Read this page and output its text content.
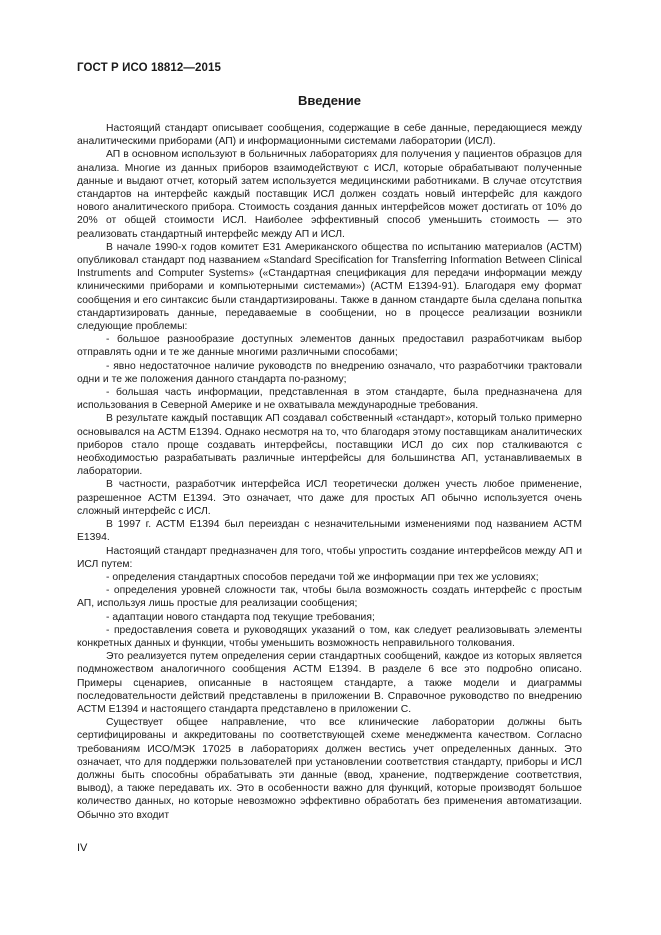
ГОСТ Р ИСО 18812—2015
Введение

Настоящий стандарт описывает сообщения, содержащие в себе данные, передающиеся между аналитическими приборами (АП) и информационными системами лаборатории (ИСЛ).

АП в основном используют в больничных лабораториях для получения у пациентов образцов для анализа. Многие из данных приборов взаимодействуют с ИСЛ, которые обрабатывают полученные данные и выдают отчет, который затем используется медицинскими работниками. В случае отсутствия стандартов на интерфейс каждый поставщик ИСЛ должен создать новый интерфейс для каждого нового аналитического прибора. Стоимость создания данных интерфейсов может достигать от 10% до 20% от общей стоимости ИСЛ. Наиболее эффективный способ уменьшить стоимость — это реализовать стандартный интерфейс между АП и ИСЛ.

В начале 1990-х годов комитет Е31 Американского общества по испытанию материалов (АСТМ) опубликовал стандарт под названием «Standard Specification for Transferring Information Between Clinical Instruments and Computer Systems» («Стандартная спецификация для передачи информации между клиническими приборами и компьютерными системами») (АСТМ Е1394-91). Благодаря ему формат сообщения и его синтаксис были стандартизированы. Также в данном стандарте была сделана попытка стандартизировать данные, передаваемые в сообщении, но в процессе реализации возникли следующие проблемы:

- большое разнообразие доступных элементов данных предоставил разработчикам выбор отправлять одни и те же данные многими различными способами;

- явно недостаточное наличие руководств по внедрению означало, что разработчики трактовали одни и те же положения данного стандарта по-разному;

- большая часть информации, представленная в этом стандарте, была предназначена для использования в Северной Америке и не охватывала международные требования.

В результате каждый поставщик АП создавал собственный «стандарт», который только примерно основывался на АСТМ Е1394. Однако несмотря на то, что благодаря этому поставщикам аналитических приборов стало проще создавать интерфейсы, поставщики ИСЛ до сих пор сталкиваются с необходимостью разрабатывать различные интерфейсы для большинства АП, устанавливаемых в лаборатории.

В частности, разработчик интерфейса ИСЛ теоретически должен учесть любое применение, разрешенное АСТМ Е1394. Это означает, что даже для простых АП обычно используется очень сложный интерфейс с ИСЛ.

В 1997 г. АСТМ Е1394 был переиздан с незначительными изменениями под названием АСТМ Е1394.

Настоящий стандарт предназначен для того, чтобы упростить создание интерфейсов между АП и ИСЛ путем:

- определения стандартных способов передачи той же информации при тех же условиях;

- определения уровней сложности так, чтобы была возможность создать интерфейс с простым АП, используя лишь простые для реализации сообщения;

- адаптации нового стандарта под текущие требования;

- предоставления совета и руководящих указаний о том, как следует реализовывать элементы конкретных данных и функции, чтобы уменьшить возможность неправильного толкования.

Это реализуется путем определения серии стандартных сообщений, каждое из которых является подмножеством аналогичного сообщения АСТМ Е1394. В разделе 6 все это подробно описано. Примеры сценариев, описанные в настоящем стандарте, а также модели и диаграммы последовательности действий представлены в приложении В. Справочное руководство по внедрению АСТМ Е1394 и настоящего стандарта представлено в приложении С.

Существует общее направление, что все клинические лаборатории должны быть сертифицированы и аккредитованы по соответствующей схеме менеджмента качеством. Согласно требованиям ИСО/МЭК 17025 в лабораториях должен вестись учет определенных данных. Это означает, что для поддержки пользователей при установлении соответствия стандарту, приборы и ИСЛ должны быть способны обрабатывать эти данные (ввод, хранение, подтверждение соответствия, вывод), а также передавать их. Это в особенности важно для функций, которые производят большое количество данных, но которые невозможно эффективно обработать без применения автоматизации. Обычно это входит

IV
